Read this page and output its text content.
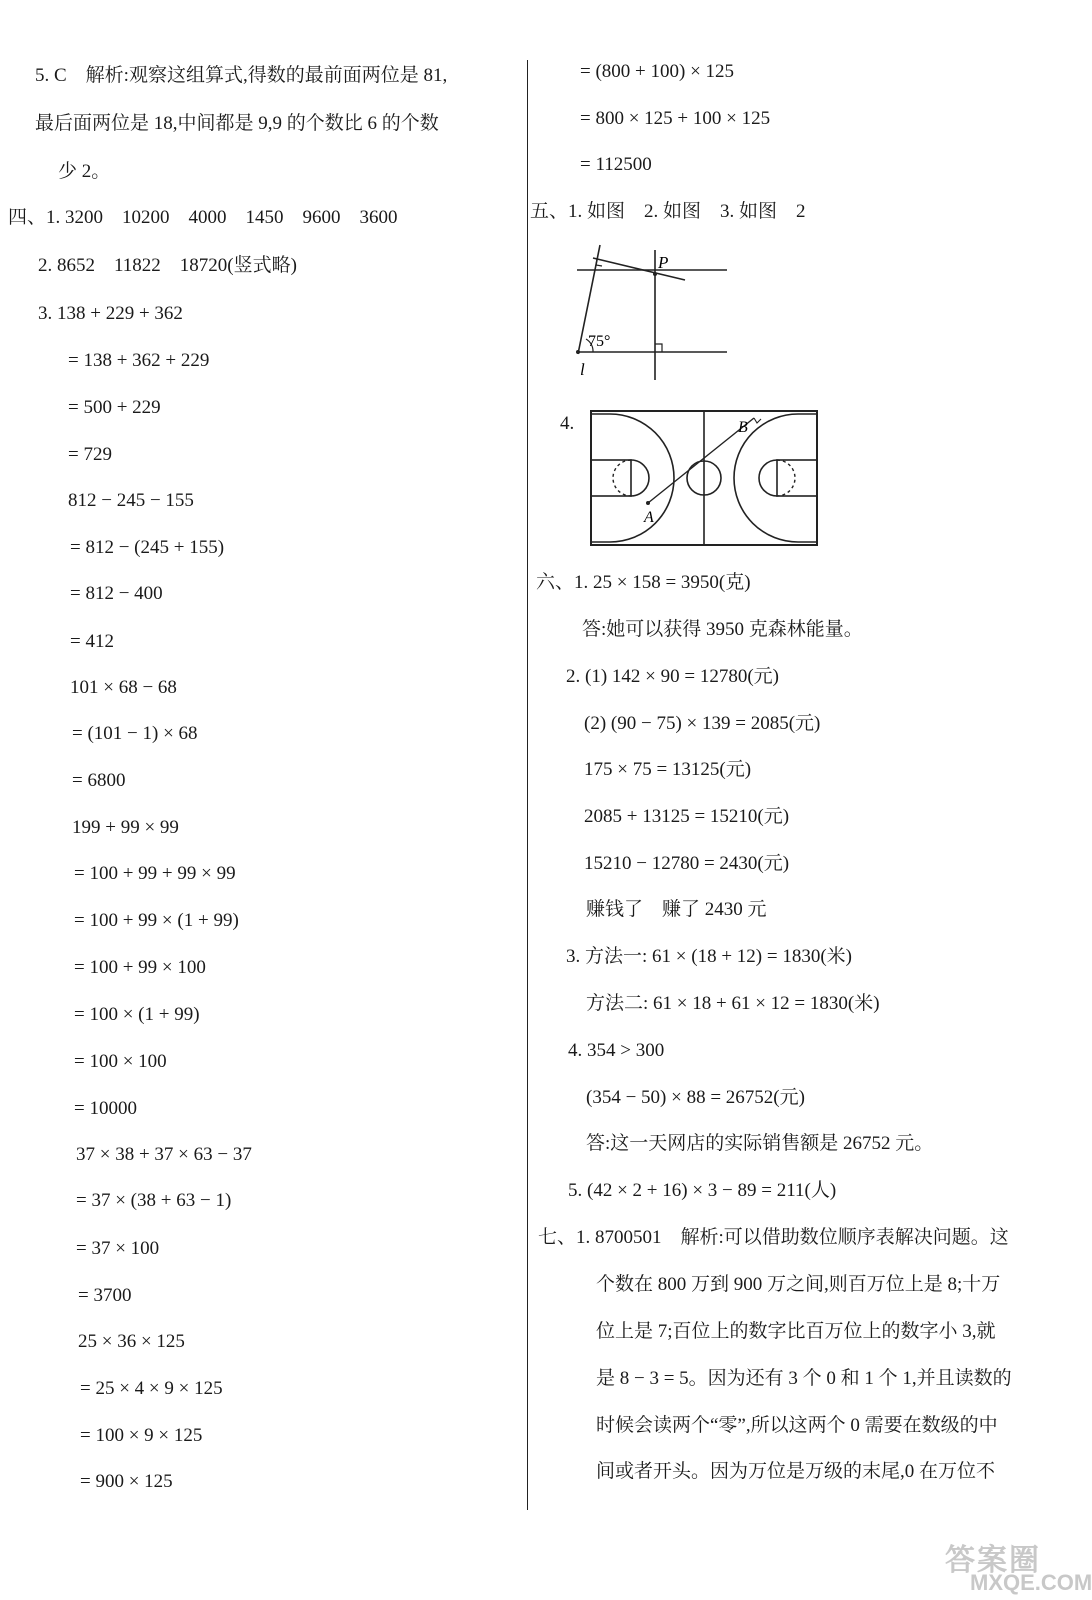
5. C　解析:观察这组算式,得数的最前面两位是 81,
最后面两位是 18,中间都是 9,9 的个数比 6 的个数
少 2。
四、1. 3200　10200　4000　1450　9600　3600
2. 8652　11822　18720(竖式略)
3. 138 + 229 + 362
= 138 + 362 + 229
= 500 + 229
= 729
812 − 245 − 155
= 812 − (245 + 155)
= 812 − 400
= 412
101 × 68 − 68
= (101 − 1) × 68
= 6800
199 + 99 × 99
= 100 + 99 + 99 × 99
= 100 + 99 × (1 + 99)
= 100 + 99 × 100
= 100 × (1 + 99)
= 100 × 100
= 10000
37 × 38 + 37 × 63 − 37
= 37 × (38 + 63 − 1)
= 37 × 100
= 3700
25 × 36 × 125
= 25 × 4 × 9 × 125
= 100 × 9 × 125
= 900 × 125
= (800 + 100) × 125
= 800 × 125 + 100 × 125
= 112500
五、1. 如图　2. 如图　3. 如图　2
4.
六、1. 25 × 158 = 3950(克)
答:她可以获得 3950 克森林能量。
2. (1) 142 × 90 = 12780(元)
(2) (90 − 75) × 139 = 2085(元)
175 × 75 = 13125(元)
2085 + 13125 = 15210(元)
15210 − 12780 = 2430(元)
赚钱了　赚了 2430 元
3. 方法一: 61 × (18 + 12) = 1830(米)
方法二: 61 × 18 + 61 × 12 = 1830(米)
4. 354 > 300
(354 − 50) × 88 = 26752(元)
答:这一天网店的实际销售额是 26752 元。
5. (42 × 2 + 16) × 3 − 89 = 211(人)
七、1. 8700501　解析:可以借助数位顺序表解决问题。这
个数在 800 万到 900 万之间,则百万位上是 8;十万
位上是 7;百位上的数字比百万位上的数字小 3,就
是 8 − 3 = 5。因为还有 3 个 0 和 1 个 1,并且读数的
时候会读两个“零”,所以这两个 0 需要在数级的中
间或者开头。因为万位是万级的末尾,0 在万位不
75°
P
l
A
B
答案圈
MXQE.COM
